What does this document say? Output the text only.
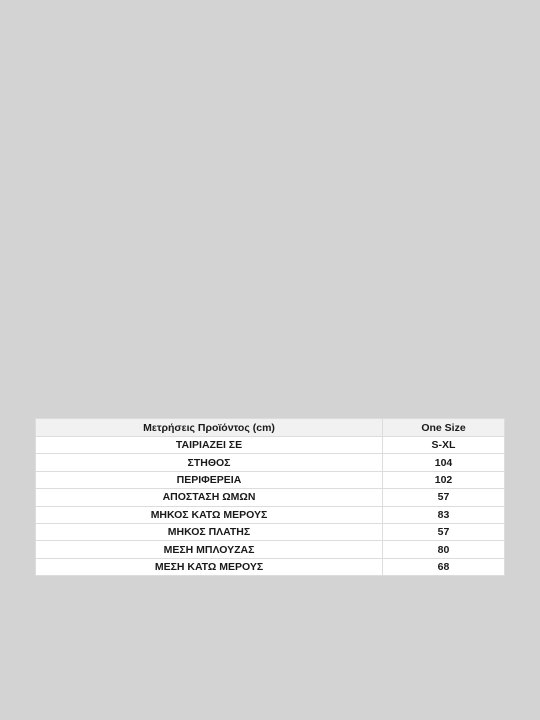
Μετρήσεις Προϊόντος (cm)	One Size
ΤΑΙΡΙΑΖΕΙ ΣΕ	S-XL
ΣΤΗΘΟΣ	104
ΠΕΡΙΦΕΡΕΙΑ	102
ΑΠΟΣΤΑΣΗ ΩΜΩΝ	57
ΜΗΚΟΣ ΚΑΤΩ ΜΕΡΟΥΣ	83
ΜΗΚΟΣ ΠΛΑΤΗΣ	57
ΜΕΣΗ ΜΠΛΟΥΖΑΣ	80
ΜΕΣΗ ΚΑΤΩ ΜΕΡΟΥΣ	68
